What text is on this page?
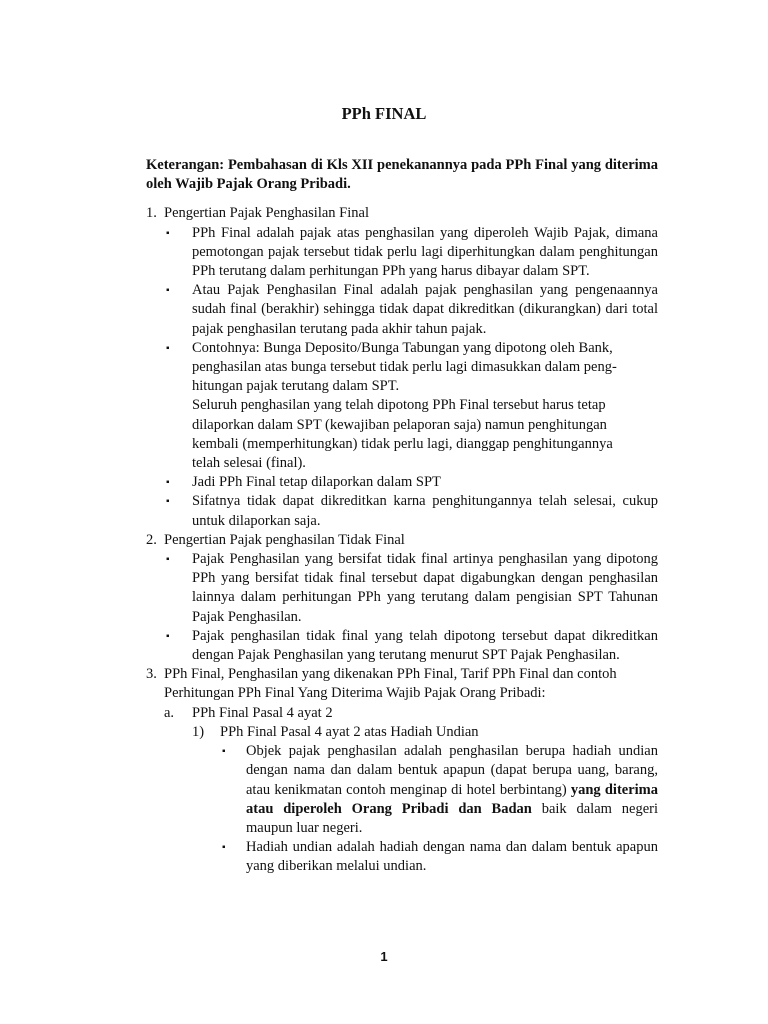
PPh FINAL
Keterangan: Pembahasan di Kls XII penekanannya pada PPh Final yang diterima oleh Wajib Pajak Orang Pribadi.
1. Pengertian Pajak Penghasilan Final
▪ PPh Final adalah pajak atas penghasilan yang diperoleh Wajib Pajak, dimana pemotongan pajak tersebut tidak perlu lagi diperhitungkan dalam penghitungan PPh terutang dalam perhitungan PPh yang harus dibayar dalam SPT.
▪ Atau Pajak Penghasilan Final adalah pajak penghasilan yang pengenaannya sudah final (berakhir) sehingga tidak dapat dikreditkan (dikurangkan) dari total pajak penghasilan terutang pada akhir tahun pajak.
▪ Contohnya: Bunga Deposito/Bunga Tabungan yang dipotong oleh Bank,
penghasilan atas bunga tersebut tidak perlu lagi dimasukkan dalam peng-
hitungan pajak terutang dalam SPT.
Seluruh penghasilan yang telah dipotong PPh Final tersebut harus tetap
dilaporkan dalam SPT (kewajiban pelaporan saja) namun penghitungan
kembali (memperhitungkan) tidak perlu lagi, dianggap penghitungannya
telah selesai (final).
▪ Jadi PPh Final tetap dilaporkan dalam SPT
▪ Sifatnya tidak dapat dikreditkan karna penghitungannya telah selesai, cukup untuk dilaporkan saja.
2. Pengertian Pajak penghasilan Tidak Final
▪ Pajak Penghasilan yang bersifat tidak final artinya penghasilan yang dipotong PPh yang bersifat tidak final tersebut dapat digabungkan dengan penghasilan lainnya dalam perhitungan PPh yang terutang dalam pengisian SPT Tahunan Pajak Penghasilan.
▪ Pajak penghasilan tidak final yang telah dipotong tersebut dapat dikreditkan dengan Pajak Penghasilan yang terutang menurut SPT Pajak Penghasilan.
3. PPh Final, Penghasilan yang dikenakan PPh Final, Tarif PPh Final dan contoh
Perhitungan PPh Final Yang Diterima Wajib Pajak Orang Pribadi:
a. PPh Final Pasal 4 ayat 2
1) PPh Final Pasal 4 ayat 2 atas Hadiah Undian
▪ Objek pajak penghasilan adalah penghasilan berupa hadiah undian dengan nama dan dalam bentuk apapun (dapat berupa uang, barang, atau kenikmatan contoh menginap di hotel berbintang) yang diterima atau diperoleh Orang Pribadi dan Badan baik dalam negeri maupun luar negeri.
▪ Hadiah undian adalah hadiah dengan nama dan dalam bentuk apapun yang diberikan melalui undian.
1
